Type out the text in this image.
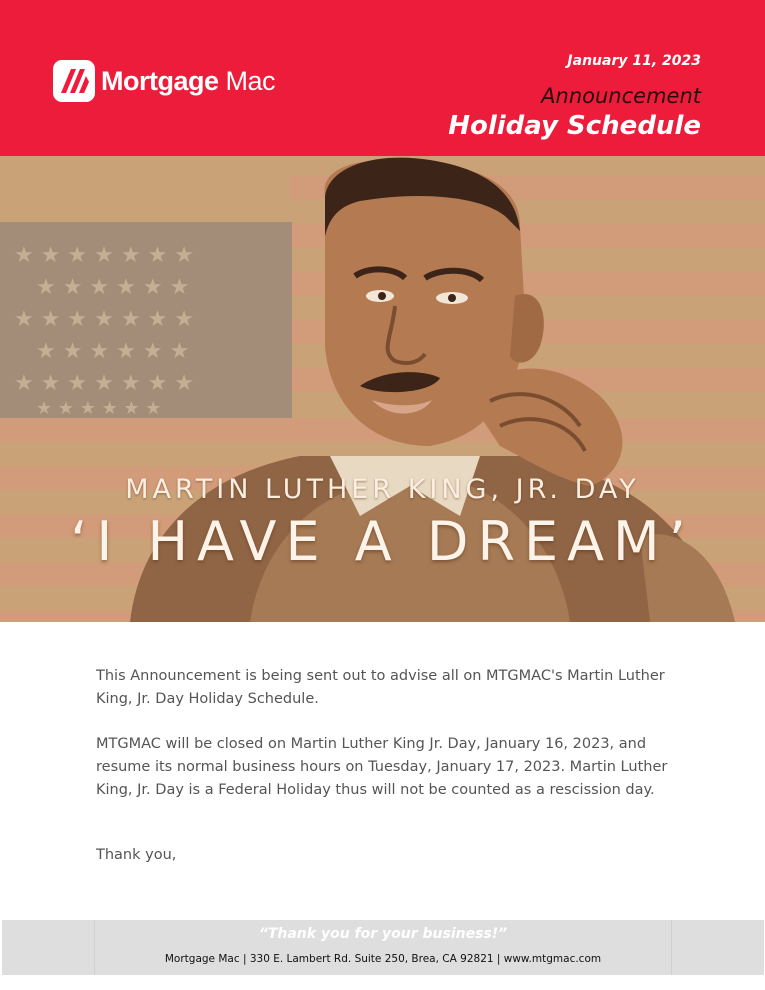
Mortgage Mac
January 11, 2023
Announcement
Holiday Schedule
★ ★ ★ ★ ★ ★ ★
★ ★ ★ ★ ★ ★
★ ★ ★ ★ ★ ★ ★
★ ★ ★ ★ ★ ★
★ ★ ★ ★ ★ ★ ★
★ ★ ★ ★ ★ ★
MARTIN LUTHER KING, JR. DAY
‘I HAVE A DREAM’

This Announcement is being sent out to advise all on MTGMAC's Martin Luther King, Jr. Day Holiday Schedule.

MTGMAC will be closed on Martin Luther King Jr. Day, January 16, 2023, and resume its normal business hours on Tuesday, January 17, 2023. Martin Luther King, Jr. Day is a Federal Holiday thus will not be counted as a rescission day.

Thank you,
“Thank you for your business!”
Mortgage Mac | 330 E. Lambert Rd. Suite 250, Brea, CA 92821 | www.mtgmac.com
